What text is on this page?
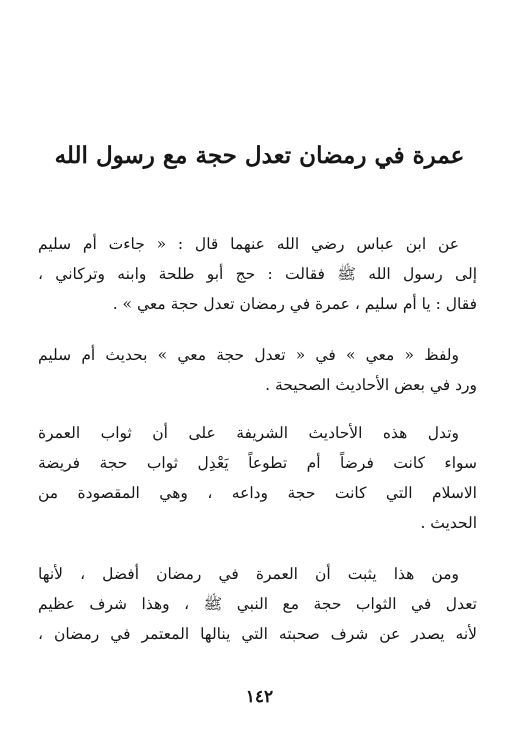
عمرة في رمضان تعدل حجة مع رسول الله
عن ابن عباس رضي الله عنهما قال : « جاءت أم سليم
إلى رسول الله ﷺ فقالت : حج أبو طلحة وابنه وتركاني ،
فقال : يا أم سليم ، عمرة في رمضان تعدل حجة معي » .
ولفظ « معي » في « تعدل حجة معي » بحديث أم سليم
ورد في بعض الأحاديث الصحيحة .
وتدل هذه الأحاديث الشريفة على أن ثواب العمرة
سواء كانت فرضاً أم تطوعاً يَعْدِل ثواب حجة فريضة
الاسلام التي كانت حجة وداعه ، وهي المقصودة من
الحديث .
ومن هذا يثبت أن العمرة في رمضان أفضل ، لأنها
تعدل في الثواب حجة مع النبي ﷺ ، وهذا شرف عظيم
لأنه يصدر عن شرف صحبته التي ينالها المعتمر في رمضان ،
١٤٢
